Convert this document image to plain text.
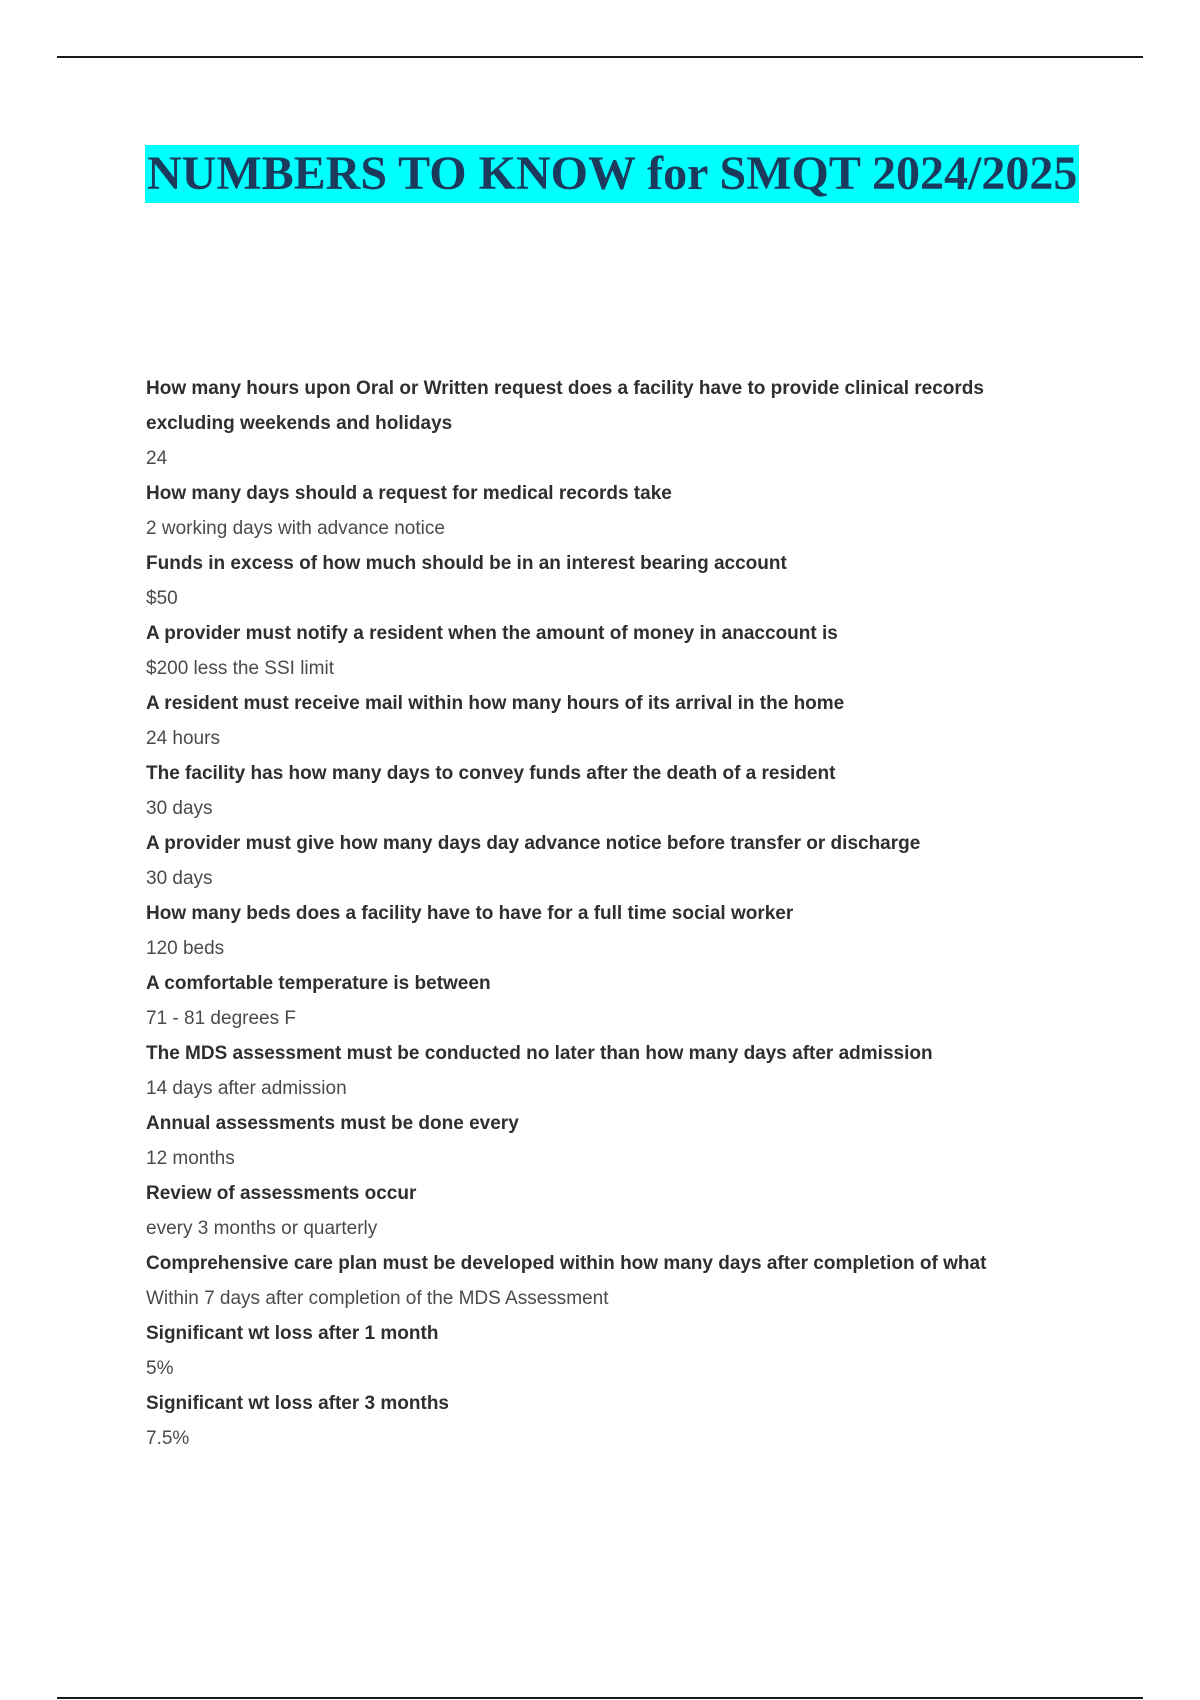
NUMBERS TO KNOW for SMQT 2024/2025

How many hours upon Oral or Written request does a facility have to provide clinical records excluding weekends and holidays

24

How many days should a request for medical records take

2 working days with advance notice

Funds in excess of how much should be in an interest bearing account

$50

A provider must notify a resident when the amount of money in anaccount is

$200 less the SSI limit

A resident must receive mail within how many hours of its arrival in the home

24 hours

The facility has how many days to convey funds after the death of a resident

30 days

A provider must give how many days day advance notice before transfer or discharge

30 days

How many beds does a facility have to have for a full time social worker

120 beds

A comfortable temperature is between

71 - 81 degrees F

The MDS assessment must be conducted no later than how many days after admission

14 days after admission

Annual assessments must be done every

12 months

Review of assessments occur

every 3 months or quarterly

Comprehensive care plan must be developed within how many days after completion of what

Within 7 days after completion of the MDS Assessment

Significant wt loss after 1 month

5%

Significant wt loss after 3 months

7.5%
